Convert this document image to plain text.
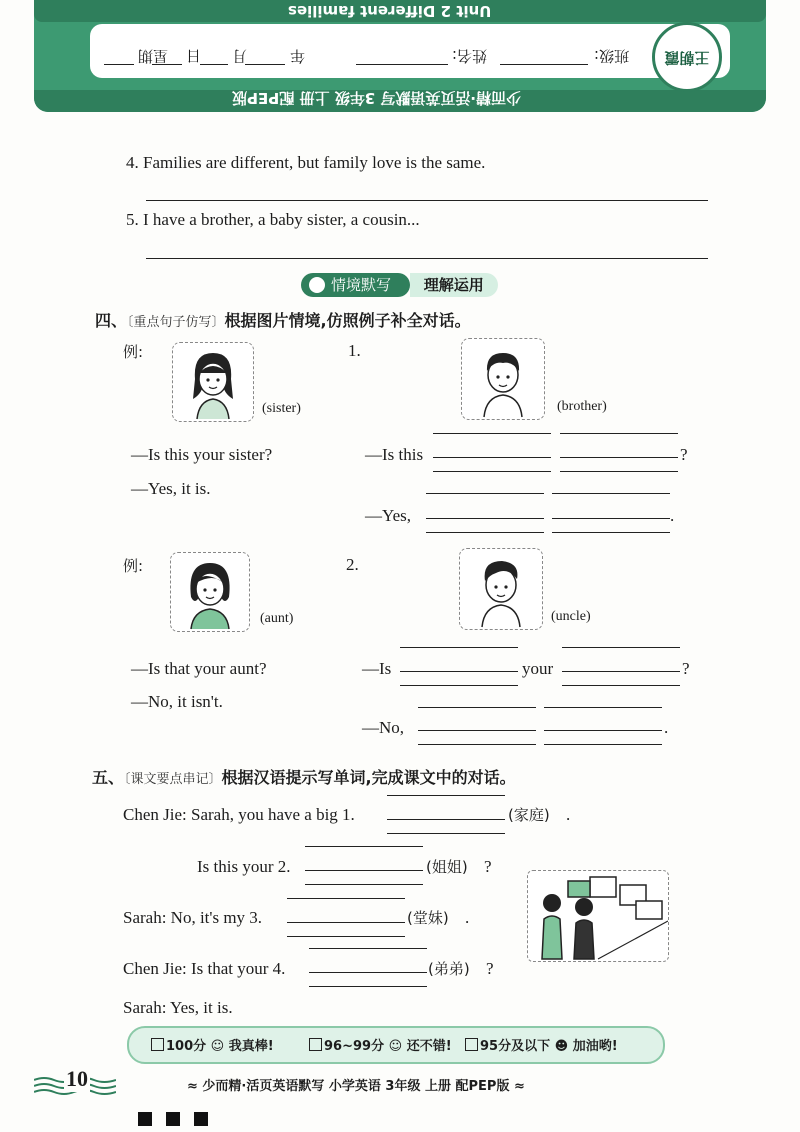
Unit 2 Different families
少而精·活页英语默写 3年级 上册 配PEP版
班级:
姓名:
年
月
日
星期	王朝霞
4. Families are different, but family love is the same.
5. I have a brother, a baby sister, a cousin...
情境默写 理解运用
四、〔重点句子仿写〕根据图片情境,仿照例子补全对话。
例:
(sister)
—Is this your sister?
—Yes, it is.
1.
(brother)
—Is this	?
—Yes,	.
例:
(aunt)
—Is that your aunt?
—No, it isn't.
2.
(uncle)
—Is	your	?
—No,	.
五、〔课文要点串记〕根据汉语提示写单词,完成课文中的对话。
Chen Jie: Sarah, you have a big 1.	(家庭) .
Is this your 2.	(姐姐) ?
Sarah: No, it's my 3.	(堂妹) .
Chen Jie: Is that your 4.	(弟弟) ?
Sarah: Yes, it is.
100分 ☺ 我真棒!	96~99分 ☺ 还不错!	95分及以下 ☻ 加油哟!
10	≈ 少而精·活页英语默写 小学英语 3年级 上册 配PEP版 ≈
